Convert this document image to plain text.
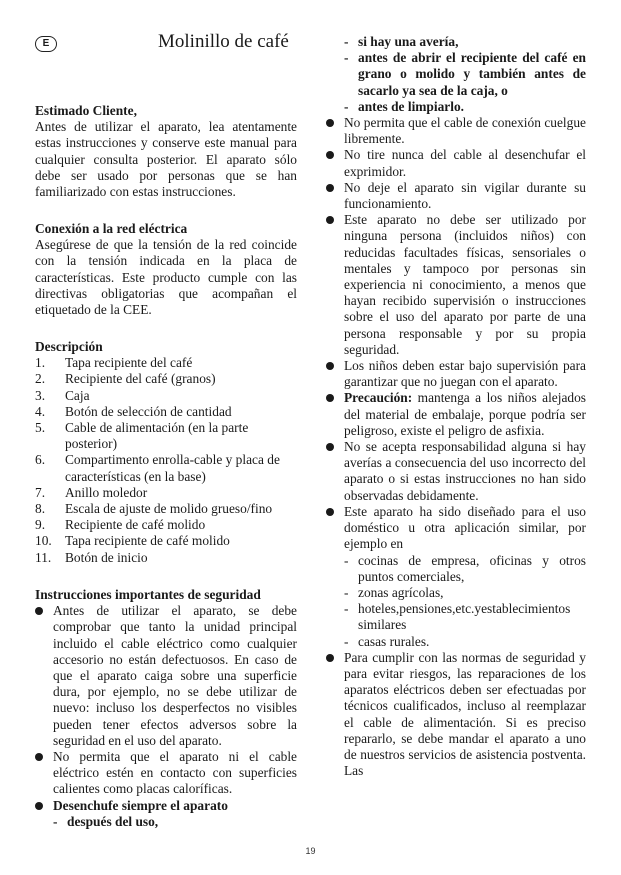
E	Molinillo de café

Estimado Cliente,

Antes de utilizar el aparato, lea atentamente estas instrucciones y conserve este manual para cualquier consulta posterior. El aparato sólo debe ser usado por personas que se han familiarizado con estas instrucciones.

Conexión a la red eléctrica

Asegúrese de que la tensión de la red coincide con la tensión indicada en la placa de características. Este producto cumple con las directivas obligatorias que acompañan el etiquetado de la CEE.

Descripción

1. Tapa recipiente del café
2. Recipiente del café (granos)
3. Caja
4. Botón de selección de cantidad
5. Cable de alimentación (en la parte posterior)
6. Compartimento enrolla-cable y placa de características (en la base)
7. Anillo moledor
8. Escala de ajuste de molido grueso/fino
9. Recipiente de café molido
10. Tapa recipiente de café molido
11. Botón de inicio

Instrucciones importantes de seguridad

Antes de utilizar el aparato, se debe comprobar que tanto la unidad principal incluido el cable eléctrico como cualquier accesorio no están defectuosos. En caso de que el aparato caiga sobre una superficie dura, por ejemplo, no se debe utilizar de nuevo: incluso los desperfectos no visibles pueden tener efectos adversos sobre la seguridad en el uso del aparato.
No permita que el aparato ni el cable eléctrico estén en contacto con superficies calientes como placas caloríficas.
Desenchufe siempre el aparato
- después del uso,
- si hay una avería,
- antes de abrir el recipiente del café en grano o molido y también antes de sacarlo ya sea de la caja, o
- antes de limpiarlo.
No permita que el cable de conexión cuelgue libremente.
No tire nunca del cable al desenchufar el exprimidor.
No deje el aparato sin vigilar durante su funcionamiento.
Este aparato no debe ser utilizado por ninguna persona (incluidos niños) con reducidas facultades físicas, sensoriales o mentales y tampoco por personas sin experiencia ni conocimiento, a menos que hayan recibido supervisión o instrucciones sobre el uso del aparato por parte de una persona responsable y por su propia seguridad.
Los niños deben estar bajo supervisión para garantizar que no juegan con el aparato.
Precaución: mantenga a los niños alejados del material de embalaje, porque podría ser peligroso, existe el peligro de asfixia.
No se acepta responsabilidad alguna si hay averías a consecuencia del uso incorrecto del aparato o si estas instrucciones no han sido observadas debidamente.
Este aparato ha sido diseñado para el uso doméstico u otra aplicación similar, por ejemplo en
- cocinas de empresa, oficinas y otros puntos comerciales,
- zonas agrícolas,
- hoteles,pensiones,etc.yestablecimientos similares
- casas rurales.
Para cumplir con las normas de seguridad y para evitar riesgos, las reparaciones de los aparatos eléctricos deben ser efectuadas por técnicos cualificados, incluso al reemplazar el cable de alimentación. Si es preciso repararlo, se debe mandar el aparato a uno de nuestros servicios de asistencia postventa. Las
19
